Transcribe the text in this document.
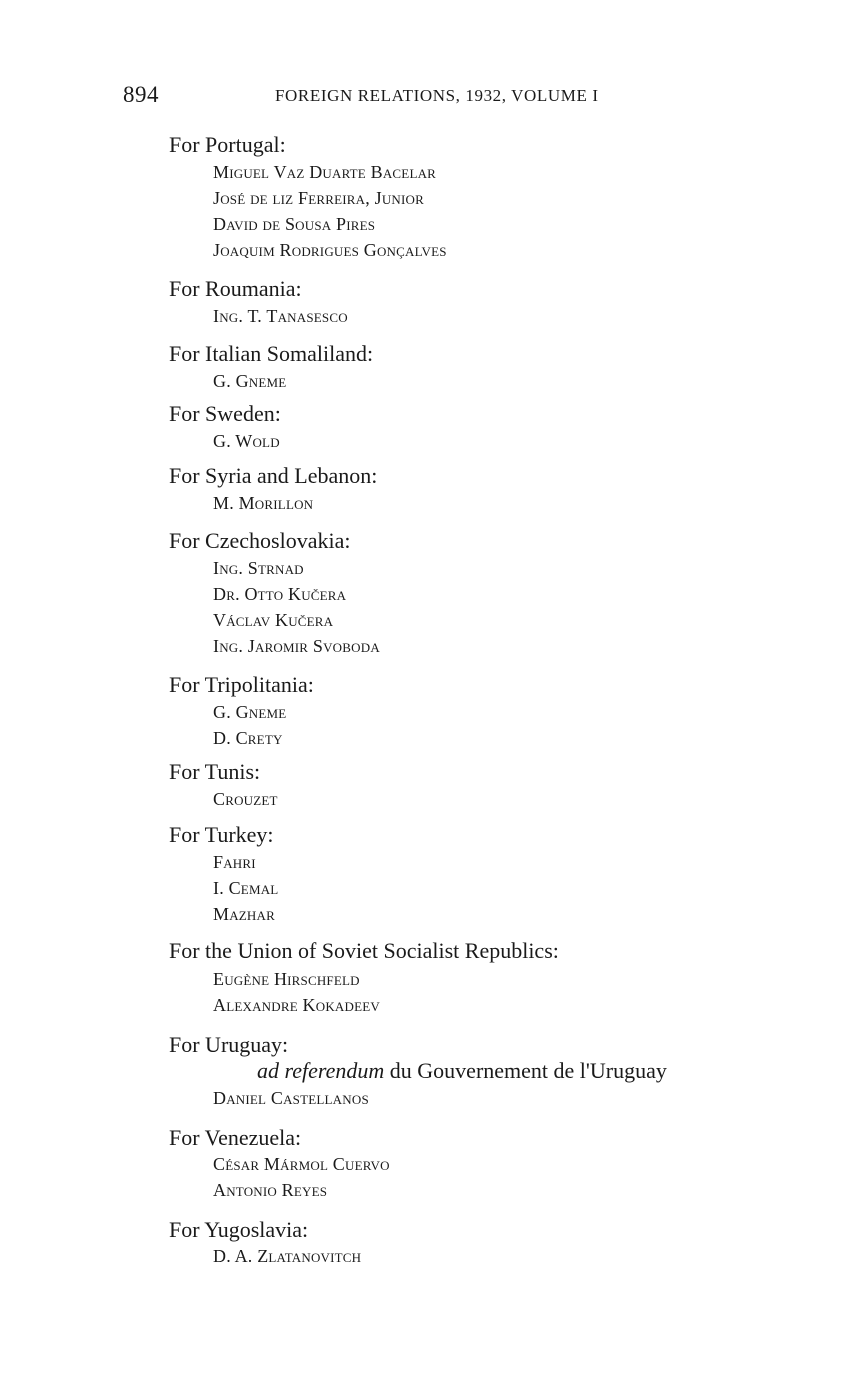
894	FOREIGN RELATIONS, 1932, VOLUME I
For Portugal:
Miguel Vaz Duarte Bacelar
José de liz Ferreira, Junior
David de Sousa Pires
Joaquim Rodrigues Gonçalves
For Roumania:
Ing. T. Tanasesco
For Italian Somaliland:
G. Gneme
For Sweden:
G. Wold
For Syria and Lebanon:
M. Morillon
For Czechoslovakia:
Ing. Strnad
Dr. Otto Kučera
Václav Kučera
Ing. Jaromir Svoboda
For Tripolitania:
G. Gneme
D. Crety
For Tunis:
Crouzet
For Turkey:
Fahri
I. Cemal
Mazhar
For the Union of Soviet Socialist Republics:
Eugène Hirschfeld
Alexandre Kokadeev
For Uruguay:
ad referendum du Gouvernement de l'Uruguay
Daniel Castellanos
For Venezuela:
César Mármol Cuervo
Antonio Reyes
For Yugoslavia:
D. A. Zlatanovitch
